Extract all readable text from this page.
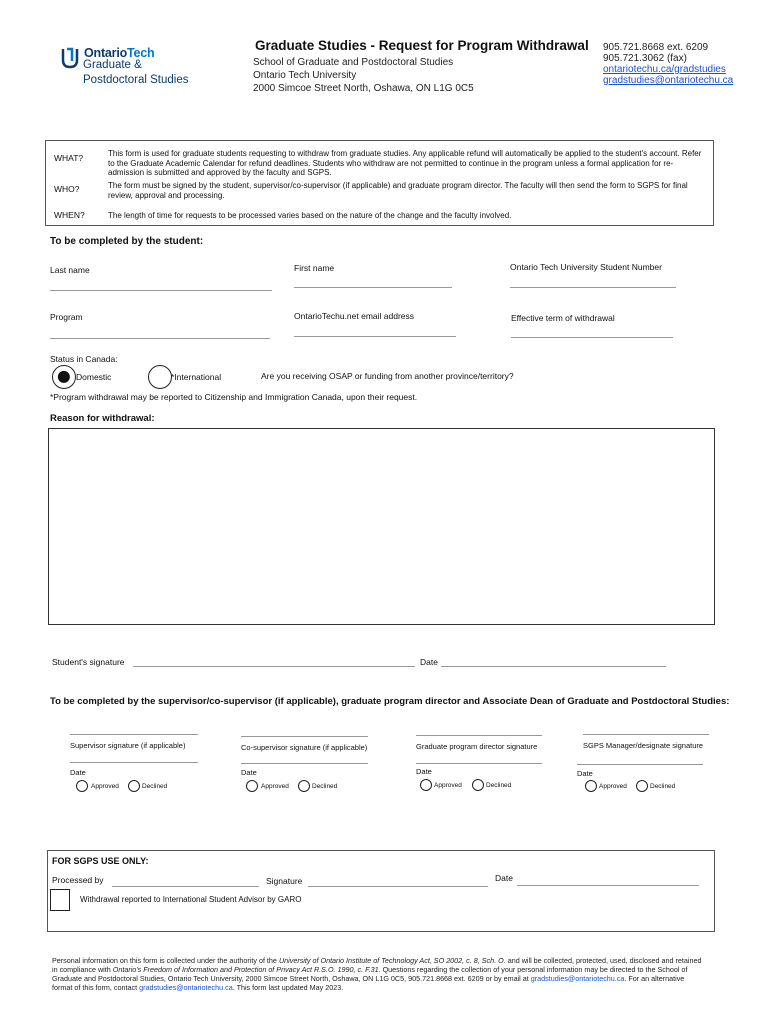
OntarioTech
Graduate &
Postdoctoral Studies
Graduate Studies - Request for Program Withdrawal
School of Graduate and Postdoctoral Studies
Ontario Tech University
2000 Simcoe Street North, Oshawa, ON L1G 0C5
905.721.8668 ext. 6209
905.721.3062 (fax)
ontariotechu.ca/gradstudies
gradstudies@ontariotechu.ca
WHAT?	This form is used for graduate students requesting to withdraw from graduate studies. Any applicable refund will automatically be applied to the student's account. Refer to the Graduate Academic Calendar for refund deadlines. Students who withdraw are not permitted to continue in the program unless a formal application for re-admission is submitted and approved by the faculty and SGPS.
WHO?	The form must be signed by the student, supervisor/co-supervisor (if applicable) and graduate program director. The faculty will then send the form to SGPS for final review, approval and processing.
WHEN?	The length of time for requests to be processed varies based on the nature of the change and the faculty involved.
To be completed by the student:
Last name	First name	Ontario Tech University Student Number
Program	OntarioTechu.net email address	Effective term of withdrawal
Status in Canada:
Domestic	*International	Are you receiving OSAP or funding from another province/territory?
*Program withdrawal may be reported to Citizenship and Immigration Canada, upon their request.
Reason for withdrawal:
Student's signature	Date
To be completed by the supervisor/co-supervisor (if applicable), graduate program director and Associate Dean of Graduate and Postdoctoral Studies:
Supervisor signature (if applicable)
Date
Approved	Declined
Co-supervisor signature (if applicable)
Date
Approved	Declined
Graduate program director signature
Date
Approved	Declined
SGPS Manager/designate signature
Date
Approved	Declined
FOR SGPS USE ONLY:
Processed by	Signature	Date
Withdrawal reported to International Student Advisor by GARO
Personal information on this form is collected under the authority of the University of Ontario Institute of Technology Act, SO 2002, c. 8, Sch. O. and will be collected, protected, used, disclosed and retained in compliance with Ontario's Freedom of Information and Protection of Privacy Act R.S.O. 1990, c. F.31. Questions regarding the collection of your personal information may be directed to the School of Graduate and Postdoctoral Studies, Ontario Tech University, 2000 Simcoe Street North, Oshawa, ON L1G 0C5, 905.721.8668 ext. 6209 or by email at gradstudies@ontariotechu.ca. For an alternative format of this form, contact gradstudies@ontariotechu.ca. This form last updated May 2023.
